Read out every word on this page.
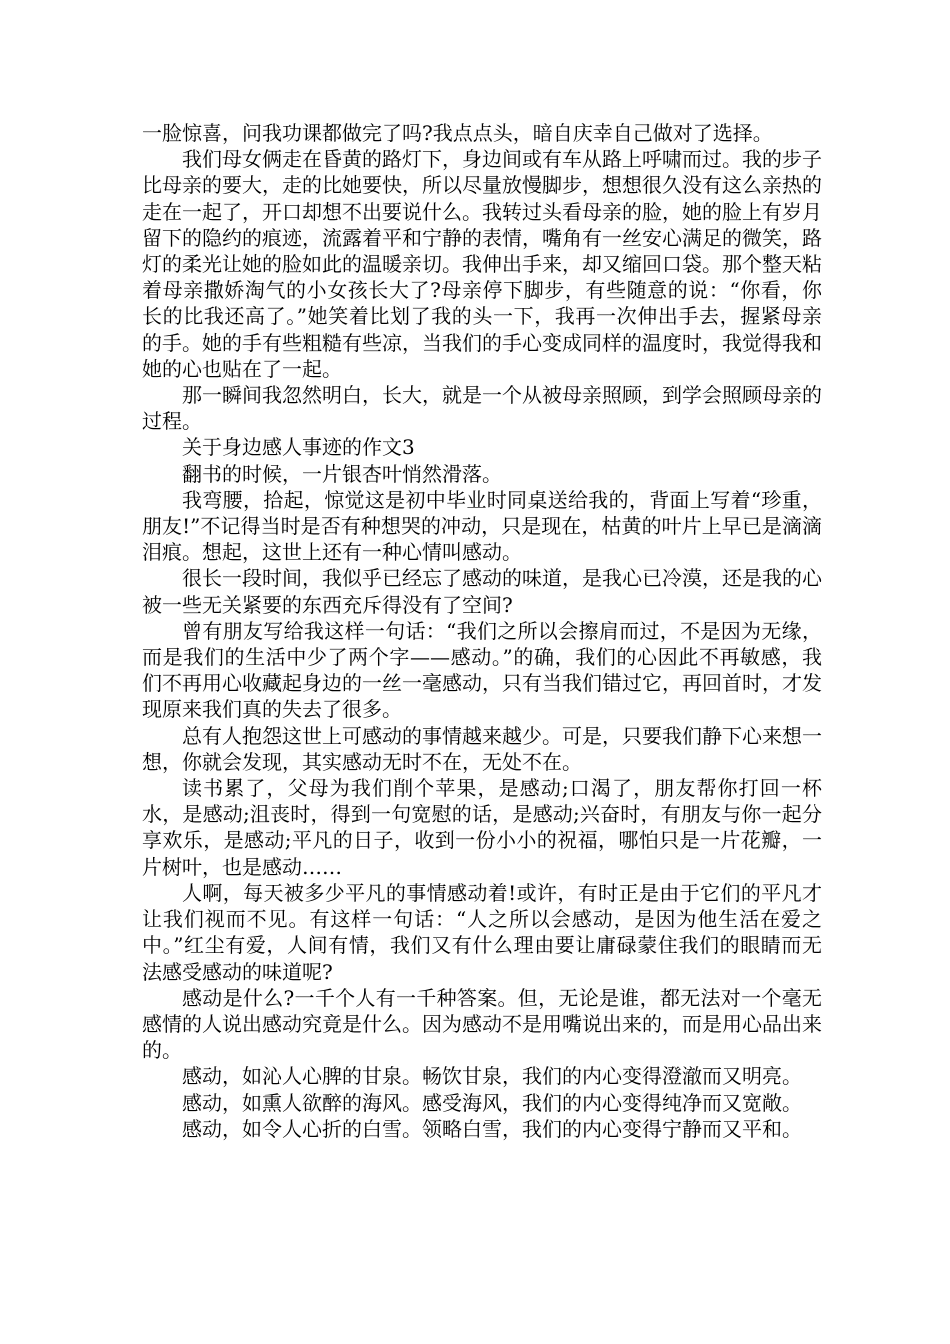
一脸惊喜，问我功课都做完了吗?我点点头，暗自庆幸自己做对了选择。

我们母女俩走在昏黄的路灯下，身边间或有车从路上呼啸而过。我的步子比母亲的要大，走的比她要快，所以尽量放慢脚步，想想很久没有这么亲热的走在一起了，开口却想不出要说什么。我转过头看母亲的脸，她的脸上有岁月留下的隐约的痕迹，流露着平和宁静的表情，嘴角有一丝安心满足的微笑，路灯的柔光让她的脸如此的温暖亲切。我伸出手来，却又缩回口袋。那个整天粘着母亲撒娇淘气的小女孩长大了?母亲停下脚步，有些随意的说：“你看，你长的比我还高了。”她笑着比划了我的头一下，我再一次伸出手去，握紧母亲的手。她的手有些粗糙有些凉，当我们的手心变成同样的温度时，我觉得我和她的心也贴在了一起。

那一瞬间我忽然明白，长大，就是一个从被母亲照顾，到学会照顾母亲的过程。

关于身边感人事迹的作文3

翻书的时候，一片银杏叶悄然滑落。

我弯腰，拾起，惊觉这是初中毕业时同桌送给我的，背面上写着“珍重，朋友!”不记得当时是否有种想哭的冲动，只是现在，枯黄的叶片上早已是滴滴泪痕。想起，这世上还有一种心情叫感动。

很长一段时间，我似乎已经忘了感动的味道，是我心已冷漠，还是我的心被一些无关紧要的东西充斥得没有了空间?

曾有朋友写给我这样一句话：“我们之所以会擦肩而过，不是因为无缘，而是我们的生活中少了两个字——感动。”的确，我们的心因此不再敏感，我们不再用心收藏起身边的一丝一毫感动，只有当我们错过它，再回首时，才发现原来我们真的失去了很多。

总有人抱怨这世上可感动的事情越来越少。可是，只要我们静下心来想一想，你就会发现，其实感动无时不在，无处不在。

读书累了，父母为我们削个苹果，是感动;口渴了，朋友帮你打回一杯水，是感动;沮丧时，得到一句宽慰的话，是感动;兴奋时，有朋友与你一起分享欢乐，是感动;平凡的日子，收到一份小小的祝福，哪怕只是一片花瓣，一片树叶，也是感动……

人啊，每天被多少平凡的事情感动着!或许，有时正是由于它们的平凡才让我们视而不见。有这样一句话：“人之所以会感动，是因为他生活在爱之中。”红尘有爱，人间有情，我们又有什么理由要让庸碌蒙住我们的眼睛而无法感受感动的味道呢?

感动是什么?一千个人有一千种答案。但，无论是谁，都无法对一个毫无感情的人说出感动究竟是什么。因为感动不是用嘴说出来的，而是用心品出来的。

感动，如沁人心脾的甘泉。畅饮甘泉，我们的内心变得澄澈而又明亮。

感动，如熏人欲醉的海风。感受海风，我们的内心变得纯净而又宽敞。

感动，如令人心折的白雪。领略白雪，我们的内心变得宁静而又平和。
